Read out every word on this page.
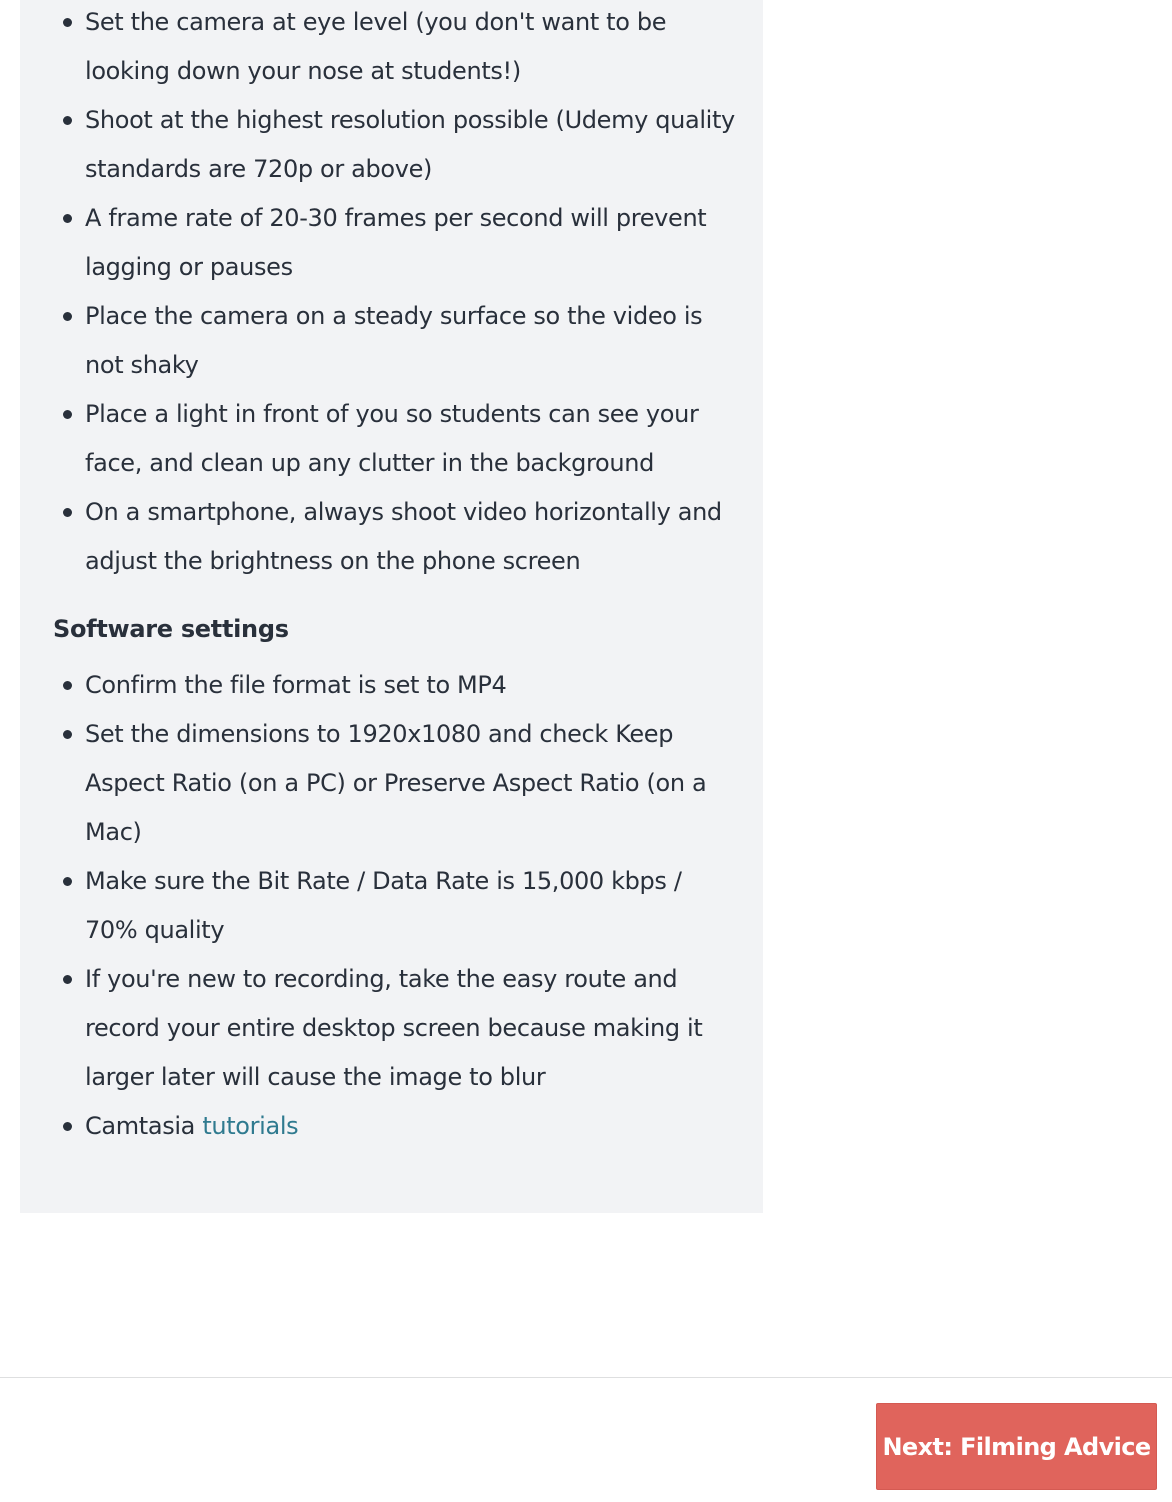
Set the camera at eye level (you don't want to be looking down your nose at students!)
Shoot at the highest resolution possible (Udemy quality standards are 720p or above)
A frame rate of 20-30 frames per second will prevent lagging or pauses
Place the camera on a steady surface so the video is not shaky
Place a light in front of you so students can see your face, and clean up any clutter in the background
On a smartphone, always shoot video horizontally and adjust the brightness on the phone screen
Software settings
Confirm the file format is set to MP4
Set the dimensions to 1920x1080 and check Keep Aspect Ratio (on a PC) or Preserve Aspect Ratio (on a Mac)
Make sure the Bit Rate / Data Rate is 15,000 kbps / 70% quality
If you're new to recording, take the easy route and record your entire desktop screen because making it larger later will cause the image to blur
Camtasia tutorials
Next: Filming Advice
